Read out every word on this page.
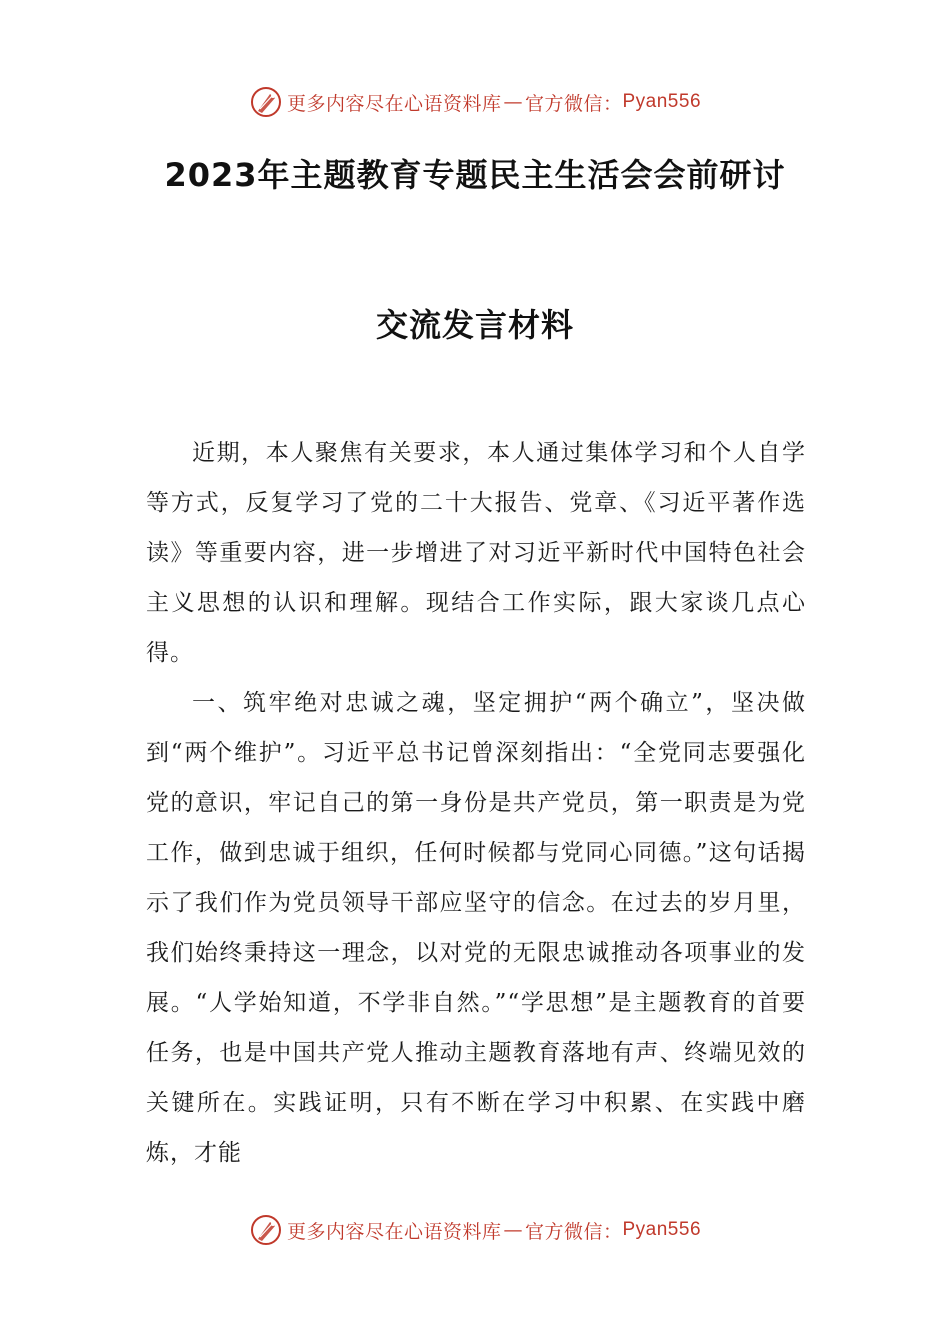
更多内容尽在心语资料库 — 官方微信： Pyan556
2023年主题教育专题民主生活会会前研讨
交流发言材料

近期，本人聚焦有关要求，本人通过集体学习和个人自学等方式，反复学习了党的二十大报告、党章、《习近平著作选读》等重要内容，进一步增进了对习近平新时代中国特色社会主义思想的认识和理解。现结合工作实际，跟大家谈几点心得。

一、筑牢绝对忠诚之魂，坚定拥护“两个确立”，坚决做到“两个维护”。习近平总书记曾深刻指出：“全党同志要强化党的意识，牢记自己的第一身份是共产党员，第一职责是为党工作，做到忠诚于组织，任何时候都与党同心同德。”这句话揭示了我们作为党员领导干部应坚守的信念。在过去的岁月里，我们始终秉持这一理念，以对党的无限忠诚推动各项事业的发展。“人学始知道，不学非自然。”“学思想”是主题教育的首要任务，也是中国共产党人推动主题教育落地有声、终端见效的关键所在。实践证明，只有不断在学习中积累、在实践中磨炼，才能

更多内容尽在心语资料库 — 官方微信： Pyan556
